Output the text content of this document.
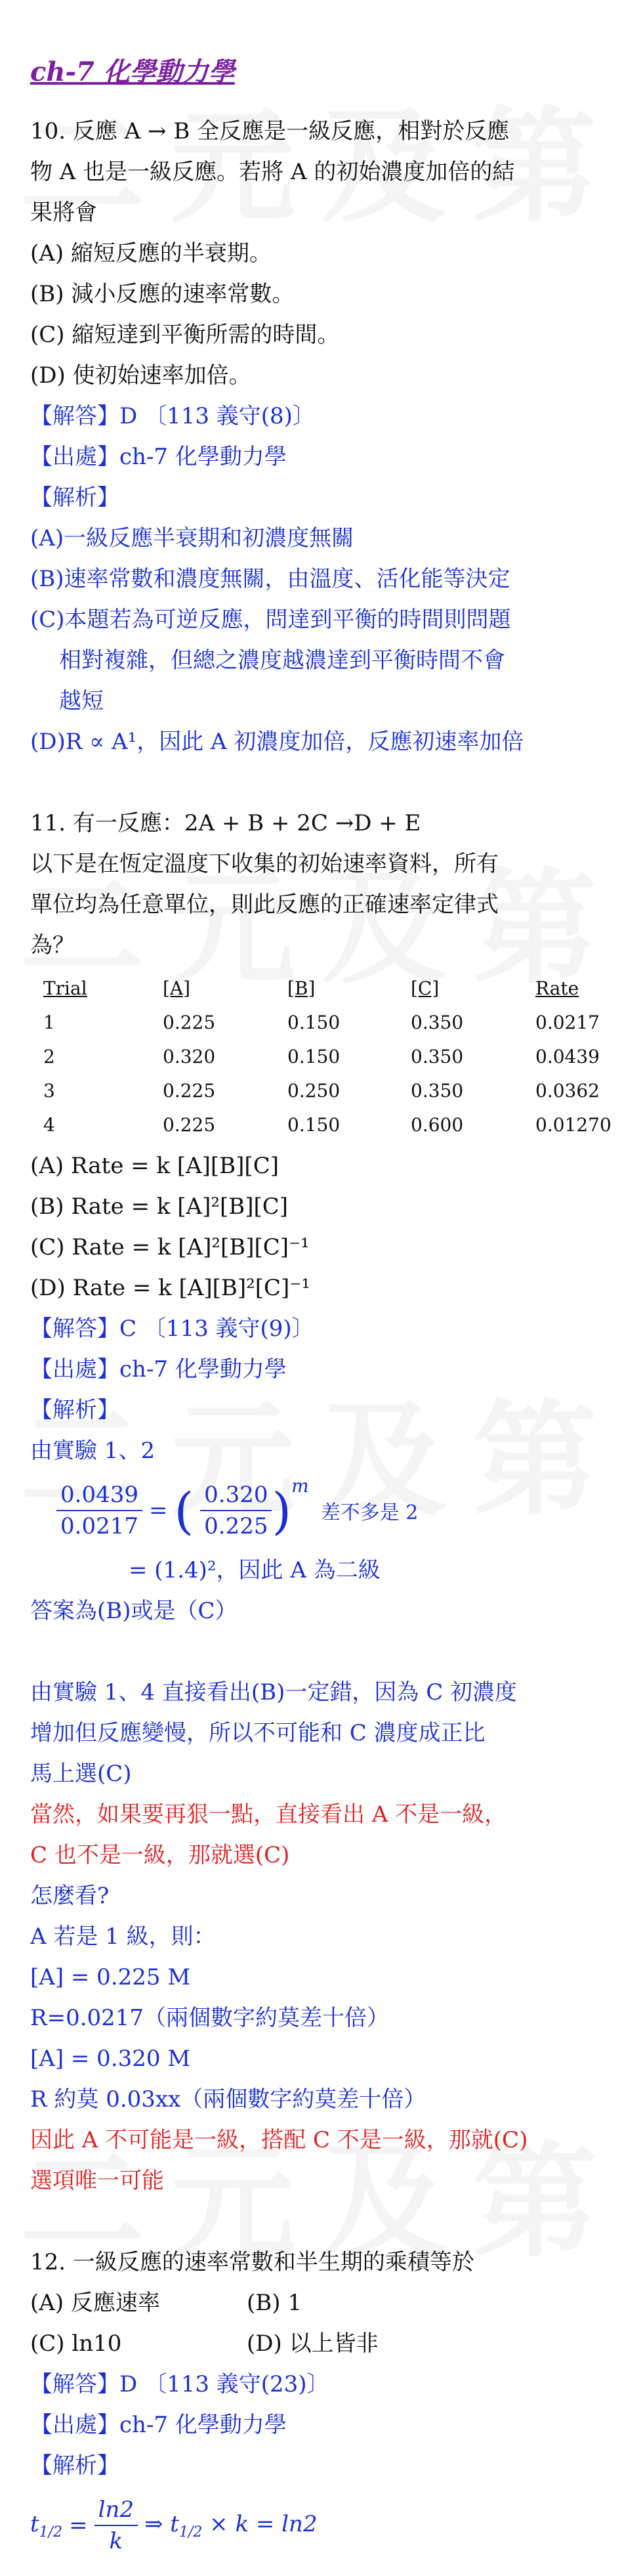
ch-7 化學動力學
10. 反應 A → B 全反應是一級反應，相對於反應
物 A 也是一級反應。若將 A 的初始濃度加倍的結
果將會
(A) 縮短反應的半衰期。
(B) 減小反應的速率常數。
(C) 縮短達到平衡所需的時間。
(D) 使初始速率加倍。
【解答】D 〔113 義守(8)〕
【出處】ch-7 化學動力學
【解析】
(A)一級反應半衰期和初濃度無關
(B)速率常數和濃度無關，由溫度、活化能等決定
(C)本題若為可逆反應，問達到平衡的時間則問題
相對複雜，但總之濃度越濃達到平衡時間不會
越短
(D)R ∝ A¹，因此 A 初濃度加倍，反應初速率加倍
11. 有一反應：2A + B + 2C →D + E
以下是在恆定溫度下收集的初始速率資料，所有
單位均為任意單位，則此反應的正確速率定律式
為？
Trial	[A]	[B]	[C]	Rate
1	0.225	0.150	0.350	0.0217
2	0.320	0.150	0.350	0.0439
3	0.225	0.250	0.350	0.0362
4	0.225	0.150	0.600	0.01270
(A) Rate = k [A][B][C]
(B) Rate = k [A]²[B][C]
(C) Rate = k [A]²[B][C]⁻¹
(D) Rate = k [A][B]²[C]⁻¹
【解答】C 〔113 義守(9)〕
【出處】ch-7 化學動力學
【解析】
由實驗 1、2
$\frac{0.0439}{0.0217}$ = ( $\frac{0.320}{0.225}$ ) m
差不多是 2
= (1.4)²，因此 A 為二級
答案為(B)或是（C）
由實驗 1、4 直接看出(B)一定錯，因為 C 初濃度
增加但反應變慢，所以不可能和 C 濃度成正比
馬上選(C)
當然，如果要再狠一點，直接看出 A 不是一級，
C 也不是一級，那就選(C)
怎麼看?
A 若是 1 級，則：
[A] = 0.225 M
R=0.0217（兩個數字約莫差十倍）
[A] = 0.320 M
R 約莫 0.03xx（兩個數字約莫差十倍）
因此 A 不可能是一級，搭配 C 不是一級，那就(C)
選項唯一可能
12. 一級反應的速率常數和半生期的乘積等於
(A) 反應速率	(B) 1
(C) ln10	(D) 以上皆非
【解答】D 〔113 義守(23)〕
【出處】ch-7 化學動力學
【解析】
$t_{1/2} = \frac{\ln 2}{k}$ ⇒ $t_{1/2} \times k = \ln 2$
